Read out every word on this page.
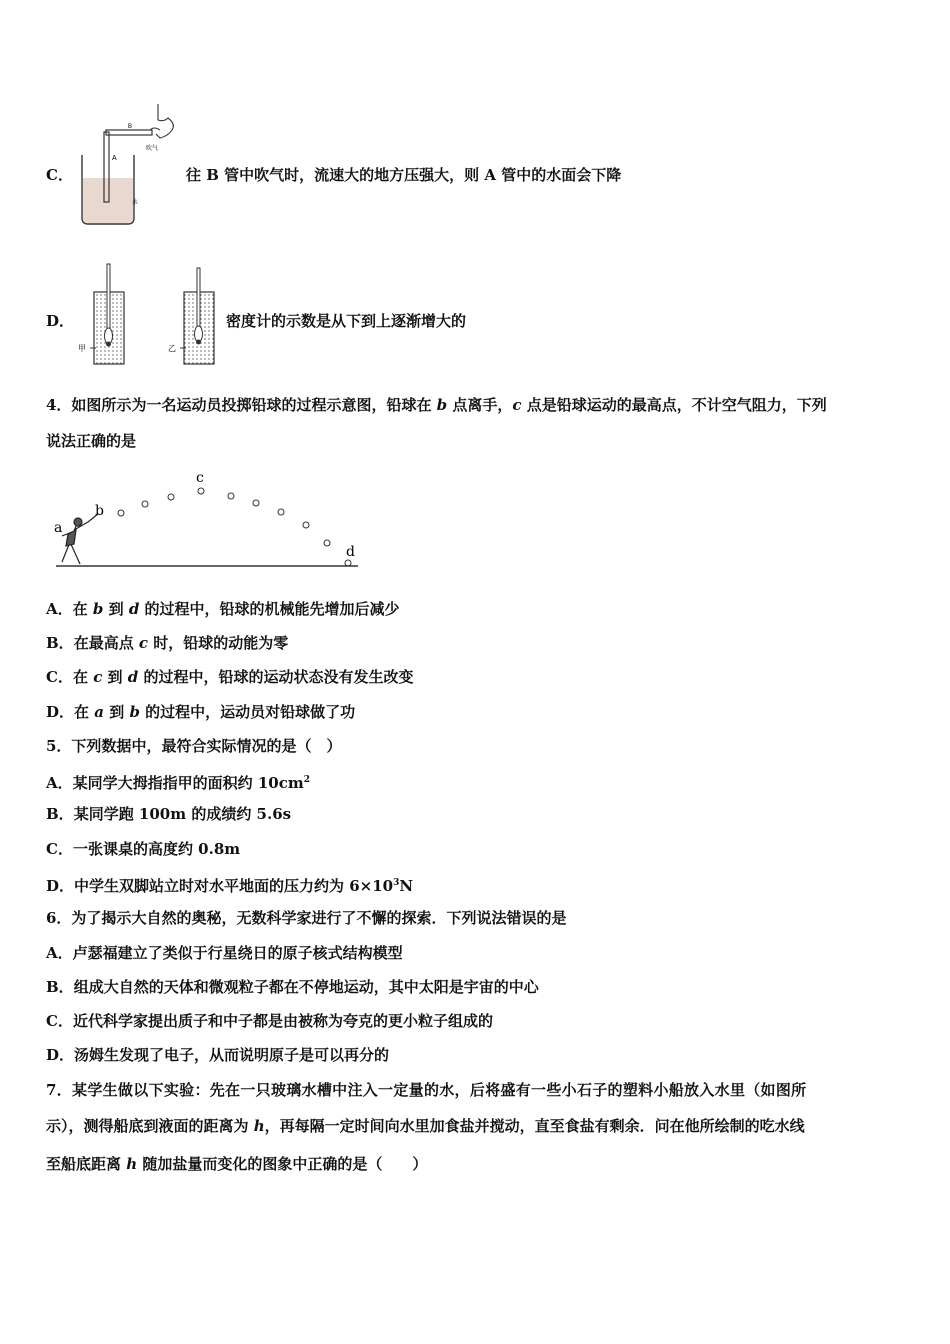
B
A
吹气
水
C．	往 B 管中吹气时，流速大的地方压强大，则 A 管中的水面会下降
甲	乙
D．	密度计的示数是从下到上逐渐增大的
4．如图所示为一名运动员投掷铅球的过程示意图，铅球在 b 点离手，c 点是铅球运动的最高点，不计空气阻力，下列
说法正确的是
a
b
c
d
A．在 b 到 d 的过程中，铅球的机械能先增加后减少
B．在最高点 c 时，铅球的动能为零
C．在 c 到 d 的过程中，铅球的运动状态没有发生改变
D．在 a 到 b 的过程中，运动员对铅球做了功
5．下列数据中，最符合实际情况的是（　）
A．某同学大拇指指甲的面积约 $10cm^2$
B．某同学跑 100m 的成绩约 5.6s
C．一张课桌的高度约 0.8m
D．中学生双脚站立时对水平地面的压力约为 $6\times 10^3N$
6．为了揭示大自然的奥秘，无数科学家进行了不懈的探索．下列说法错误的是
A．卢瑟福建立了类似于行星绕日的原子核式结构模型
B．组成大自然的天体和微观粒子都在不停地运动，其中太阳是宇宙的中心
C．近代科学家提出质子和中子都是由被称为夸克的更小粒子组成的
D．汤姆生发现了电子，从而说明原子是可以再分的
7．某学生做以下实验：先在一只玻璃水槽中注入一定量的水，后将盛有一些小石子的塑料小船放入水里（如图所
示），测得船底到液面的距离为 h，再每隔一定时间向水里加食盐并搅动，直至食盐有剩余．问在他所绘制的吃水线
至船底距离 h 随加盐量而变化的图象中正确的是（　　）
